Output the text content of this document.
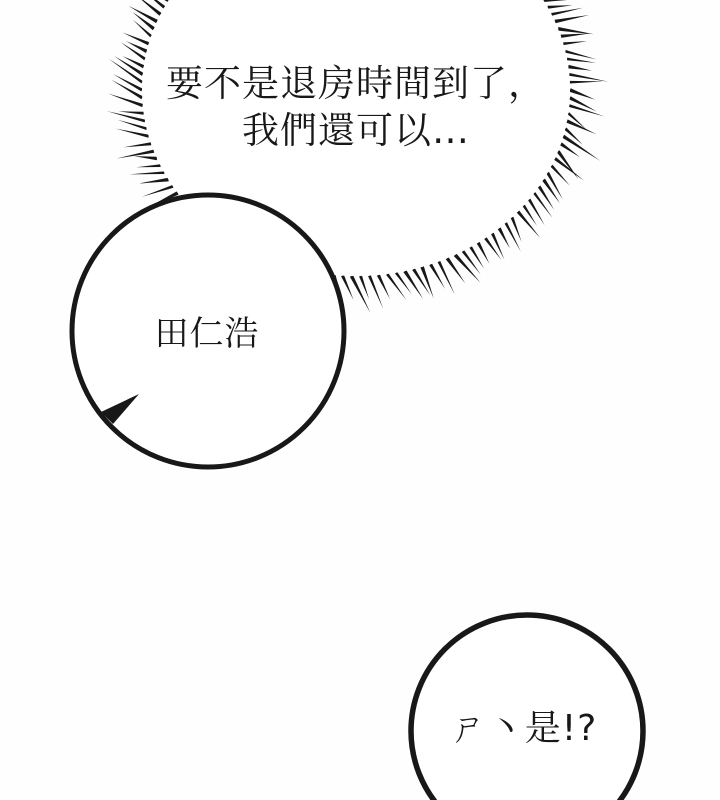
要不是退房時間到了，
我們還可以…
田仁浩
ㄕ丶是!?
